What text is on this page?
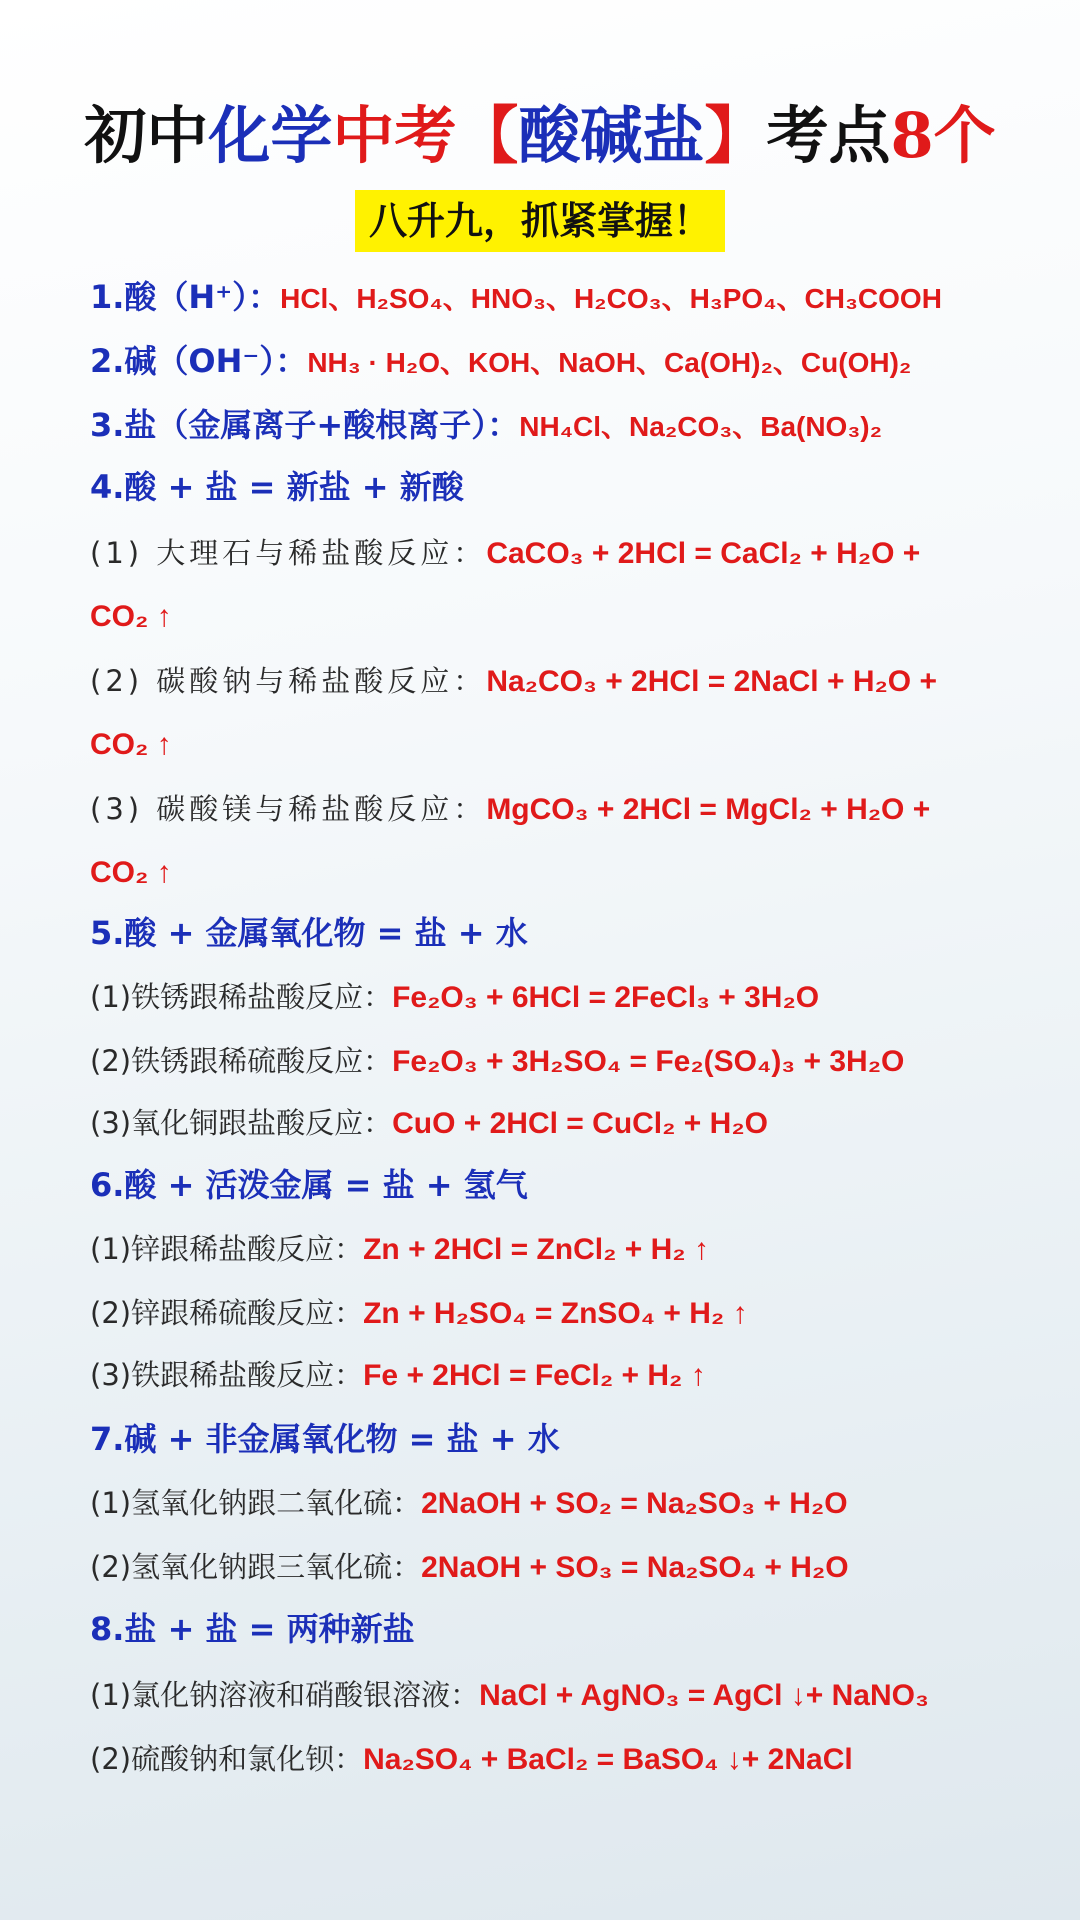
初中化学中考【酸碱盐】考点8个
八升九，抓紧掌握！
1.酸（H⁺）：HCl、H₂SO₄、HNO₃、H₂CO₃、H₃PO₄、CH₃COOH
2.碱（OH⁻）：NH₃ · H₂O、KOH、NaOH、Ca(OH)₂、Cu(OH)₂
3.盐（金属离子+酸根离子）：NH₄Cl、Na₂CO₃、Ba(NO₃)₂
4.酸 + 盐 = 新盐 + 新酸
(1) 大理石与稀盐酸反应：CaCO₃ + 2HCl = CaCl₂ + H₂O +
CO₂ ↑
(2) 碳酸钠与稀盐酸反应：Na₂CO₃ + 2HCl = 2NaCl + H₂O +
CO₂ ↑
(3) 碳酸镁与稀盐酸反应：MgCO₃ + 2HCl = MgCl₂ + H₂O +
CO₂ ↑
5.酸 + 金属氧化物 = 盐 + 水
(1)铁锈跟稀盐酸反应：Fe₂O₃ + 6HCl = 2FeCl₃ + 3H₂O
(2)铁锈跟稀硫酸反应：Fe₂O₃ + 3H₂SO₄ = Fe₂(SO₄)₃ + 3H₂O
(3)氧化铜跟盐酸反应：CuO + 2HCl = CuCl₂ + H₂O
6.酸 + 活泼金属 = 盐 + 氢气
(1)锌跟稀盐酸反应：Zn + 2HCl = ZnCl₂ + H₂ ↑
(2)锌跟稀硫酸反应：Zn + H₂SO₄ = ZnSO₄ + H₂ ↑
(3)铁跟稀盐酸反应：Fe + 2HCl = FeCl₂ + H₂ ↑
7.碱 + 非金属氧化物 = 盐 + 水
(1)氢氧化钠跟二氧化硫：2NaOH + SO₂ = Na₂SO₃ + H₂O
(2)氢氧化钠跟三氧化硫：2NaOH + SO₃ = Na₂SO₄ + H₂O
8.盐 + 盐 = 两种新盐
(1)氯化钠溶液和硝酸银溶液：NaCl + AgNO₃ = AgCl ↓+ NaNO₃
(2)硫酸钠和氯化钡：Na₂SO₄ + BaCl₂ = BaSO₄ ↓+ 2NaCl
